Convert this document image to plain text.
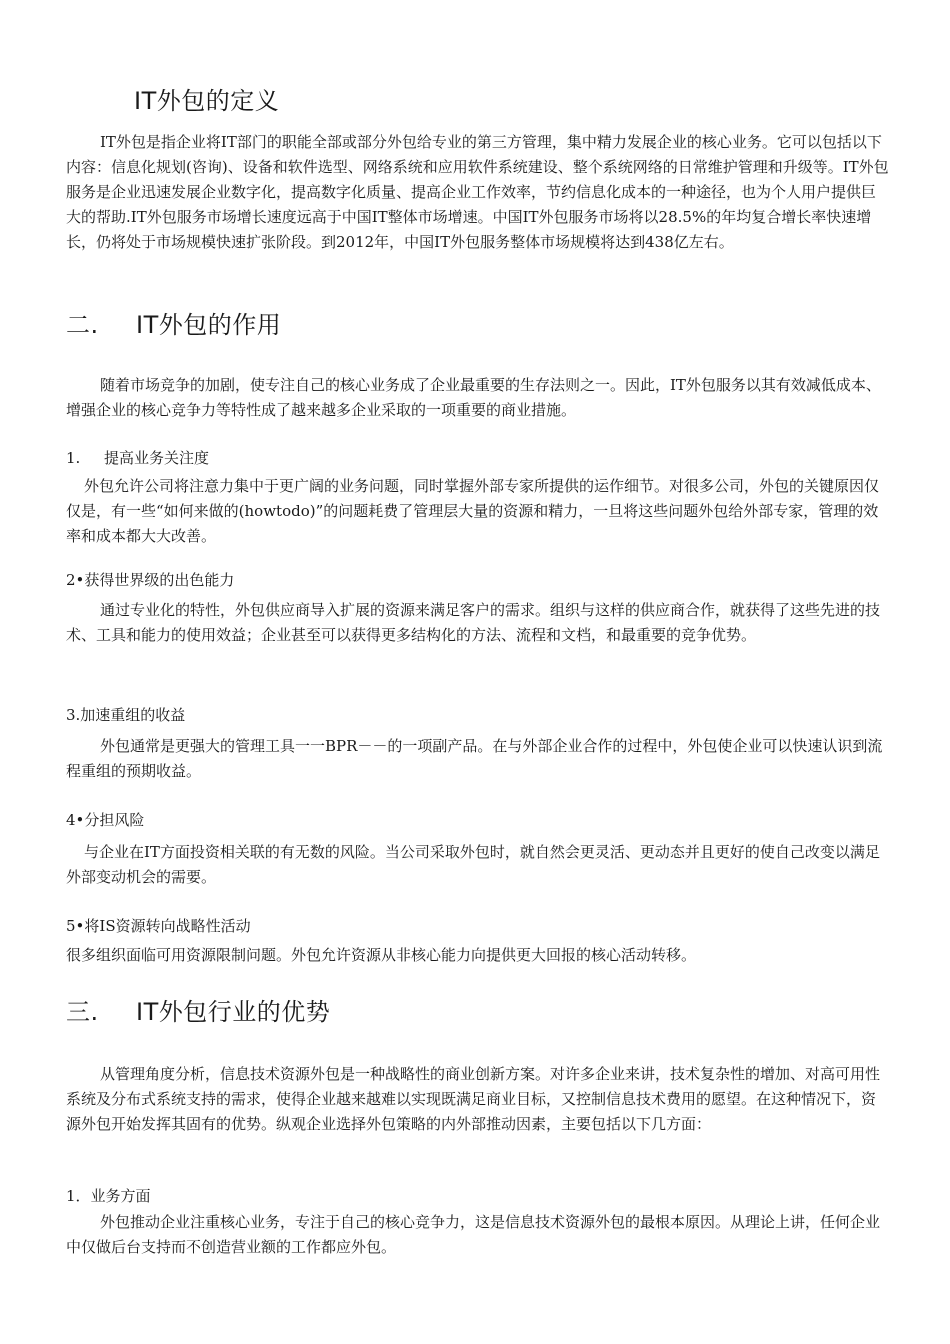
IT外包的定义

IT外包是指企业将IT部门的职能全部或部分外包给专业的第三方管理，集中精力发展企业的核心业务。它可以包括以下内容：信息化规划(咨询)、设备和软件选型、网络系统和应用软件系统建设、整个系统网络的日常维护管理和升级等。IT外包服务是企业迅速发展企业数字化，提高数字化质量、提高企业工作效率，节约信息化成本的一种途径，也为个人用户提供巨大的帮助.IT外包服务市场增长速度远高于中国IT整体市场增速。中国IT外包服务市场将以28.5%的年均复合增长率快速增长，仍将处于市场规模快速扩张阶段。到2012年，中国IT外包服务整体市场规模将达到438亿左右。

二. IT外包的作用

随着市场竞争的加剧，使专注自己的核心业务成了企业最重要的生存法则之一。因此，IT外包服务以其有效减低成本、增强企业的核心竞争力等特性成了越来越多企业采取的一项重要的商业措施。

1. 提高业务关注度

外包允许公司将注意力集中于更广阔的业务问题，同时掌握外部专家所提供的运作细节。对很多公司，外包的关键原因仅仅是，有一些“如何来做的(howtodo)”的问题耗费了管理层大量的资源和精力，一旦将这些问题外包给外部专家，管理的效率和成本都大大改善。

2•获得世界级的出色能力

通过专业化的特性，外包供应商导入扩展的资源来满足客户的需求。组织与这样的供应商合作，就获得了这些先进的技术、工具和能力的使用效益；企业甚至可以获得更多结构化的方法、流程和文档，和最重要的竞争优势。

3.加速重组的收益

外包通常是更强大的管理工具一一BPR－－的一项副产品。在与外部企业合作的过程中，外包使企业可以快速认识到流程重组的预期收益。

4•分担风险

与企业在IT方面投资相关联的有无数的风险。当公司采取外包时，就自然会更灵活、更动态并且更好的使自己改变以满足外部变动机会的需要。

5•将IS资源转向战略性活动

很多组织面临可用资源限制问题。外包允许资源从非核心能力向提供更大回报的核心活动转移。

三. IT外包行业的优势

从管理角度分析，信息技术资源外包是一种战略性的商业创新方案。对许多企业来讲，技术复杂性的增加、对高可用性系统及分布式系统支持的需求，使得企业越来越难以实现既满足商业目标，又控制信息技术费用的愿望。在这种情况下，资源外包开始发挥其固有的优势。纵观企业选择外包策略的内外部推动因素，主要包括以下几方面：

1．业务方面

外包推动企业注重核心业务，专注于自己的核心竞争力，这是信息技术资源外包的最根本原因。从理论上讲，任何企业中仅做后台支持而不创造营业额的工作都应外包。
